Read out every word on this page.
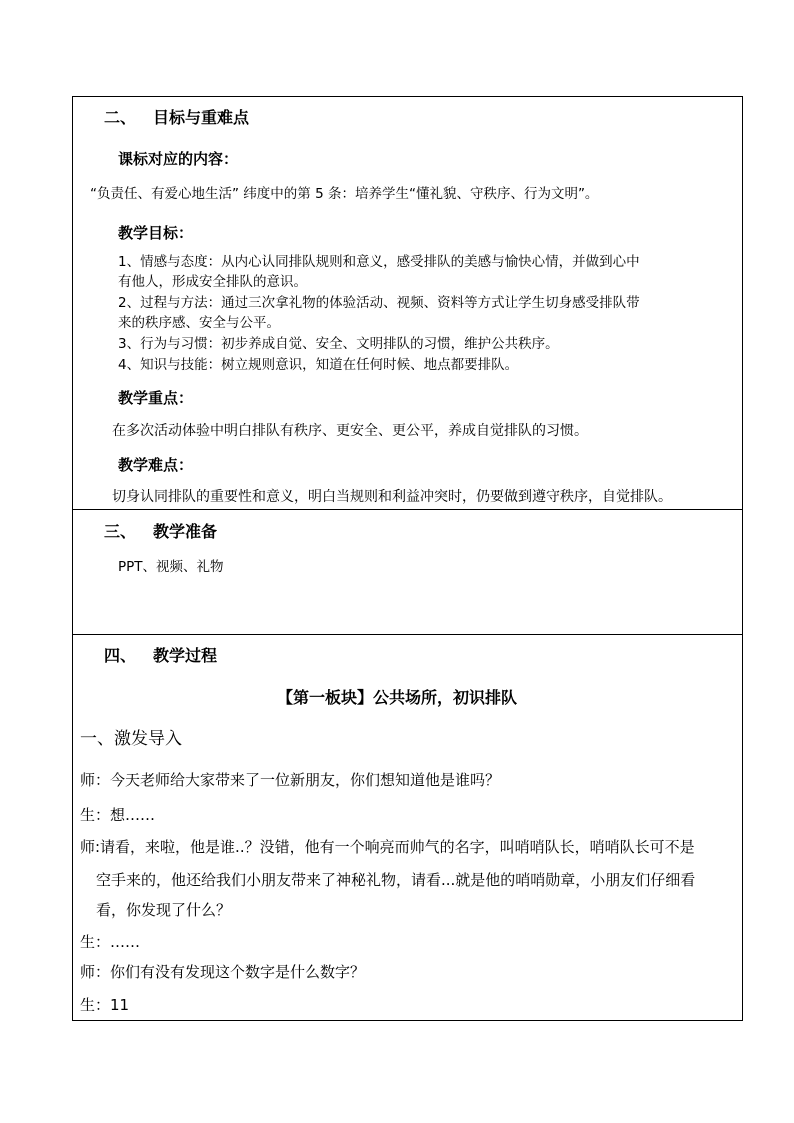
二、 目标与重难点
课标对应的内容：
“负责任、有爱心地生活” 纬度中的第 5 条：培养学生“懂礼貌、守秩序、行为文明”。
教学目标：
1、情感与态度：从内心认同排队规则和意义，感受排队的美感与愉快心情，并做到心中
有他人，形成安全排队的意识。
2、过程与方法：通过三次拿礼物的体验活动、视频、资料等方式让学生切身感受排队带
来的秩序感、安全与公平。
3、行为与习惯：初步养成自觉、安全、文明排队的习惯，维护公共秩序。
4、知识与技能：树立规则意识，知道在任何时候、地点都要排队。
教学重点：
在多次活动体验中明白排队有秩序、更安全、更公平，养成自觉排队的习惯。
教学难点：
切身认同排队的重要性和意义，明白当规则和利益冲突时，仍要做到遵守秩序，自觉排队。
三、 教学准备
PPT、视频、礼物
四、 教学过程
【第一板块】公共场所，初识排队
一、激发导入
师：今天老师给大家带来了一位新朋友，你们想知道他是谁吗？
生：想……
师:请看，来啦，他是谁..？没错，他有一个响亮而帅气的名字，叫哨哨队长，哨哨队长可不是
空手来的，他还给我们小朋友带来了神秘礼物，请看...就是他的哨哨勋章，小朋友们仔细看
看，你发现了什么？
生：……
师：你们有没有发现这个数字是什么数字？
生：11
